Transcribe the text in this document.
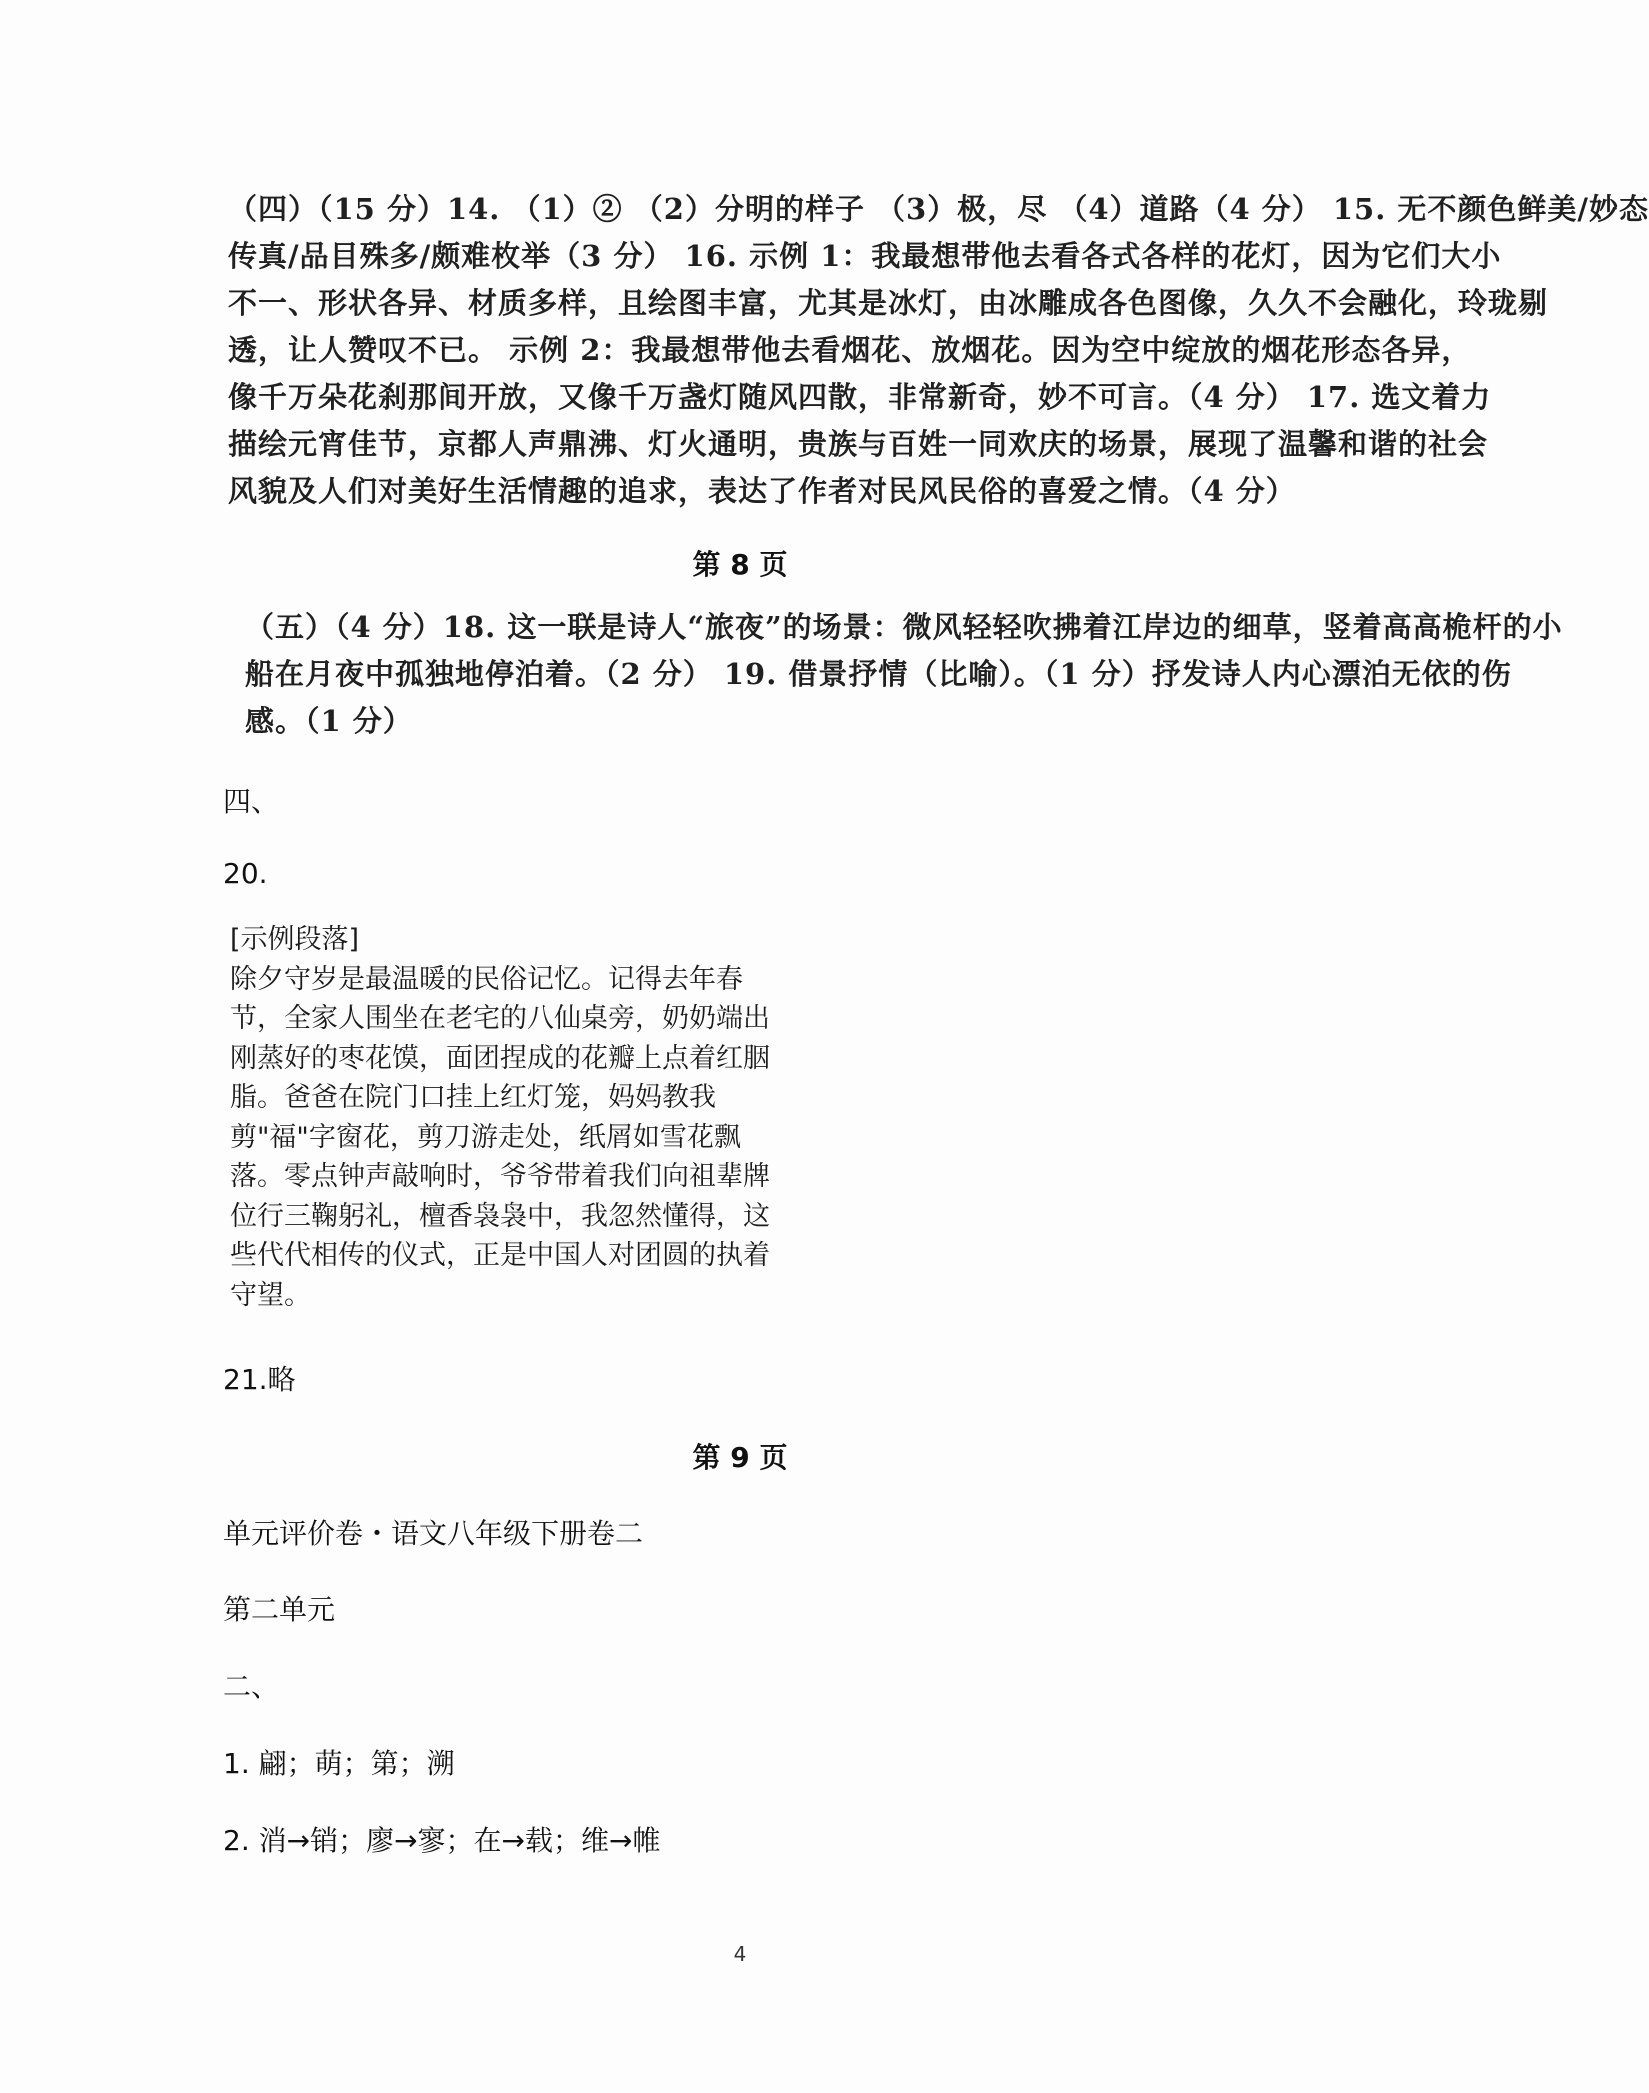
（四）（15 分）14. （1）② （2）分明的样子 （3）极，尽 （4）道路（4 分） 15. 无不颜色鲜美/妙态
传真/品目殊多/颇难枚举（3 分） 16. 示例 1：我最想带他去看各式各样的花灯，因为它们大小
不一、形状各异、材质多样，且绘图丰富，尤其是冰灯，由冰雕成各色图像，久久不会融化，玲珑剔
透，让人赞叹不已。 示例 2：我最想带他去看烟花、放烟花。因为空中绽放的烟花形态各异，
像千万朵花刹那间开放，又像千万盏灯随风四散，非常新奇，妙不可言。（4 分） 17. 选文着力
描绘元宵佳节，京都人声鼎沸、灯火通明，贵族与百姓一同欢庆的场景，展现了温馨和谐的社会
风貌及人们对美好生活情趣的追求，表达了作者对民风民俗的喜爱之情。（4 分）
第 8 页
（五）（4 分）18. 这一联是诗人“旅夜”的场景：微风轻轻吹拂着江岸边的细草，竖着高高桅杆的小
船在月夜中孤独地停泊着。（2 分） 19. 借景抒情（比喻）。（1 分）抒发诗人内心漂泊无依的伤
感。（1 分）
四、
20.
[示例段落]
除夕守岁是最温暖的民俗记忆。记得去年春
节，全家人围坐在老宅的八仙桌旁，奶奶端出
刚蒸好的枣花馍，面团捏成的花瓣上点着红胭
脂。爸爸在院门口挂上红灯笼，妈妈教我
剪"福"字窗花，剪刀游走处，纸屑如雪花飘
落。零点钟声敲响时，爷爷带着我们向祖辈牌
位行三鞠躬礼，檀香袅袅中，我忽然懂得，这
些代代相传的仪式，正是中国人对团圆的执着
守望。
21.略
第 9 页
单元评价卷・语文八年级下册卷二
第二单元
二、
1. 翩；萌；第；溯
2. 消→销；廖→寥；在→载；维→帷
4
